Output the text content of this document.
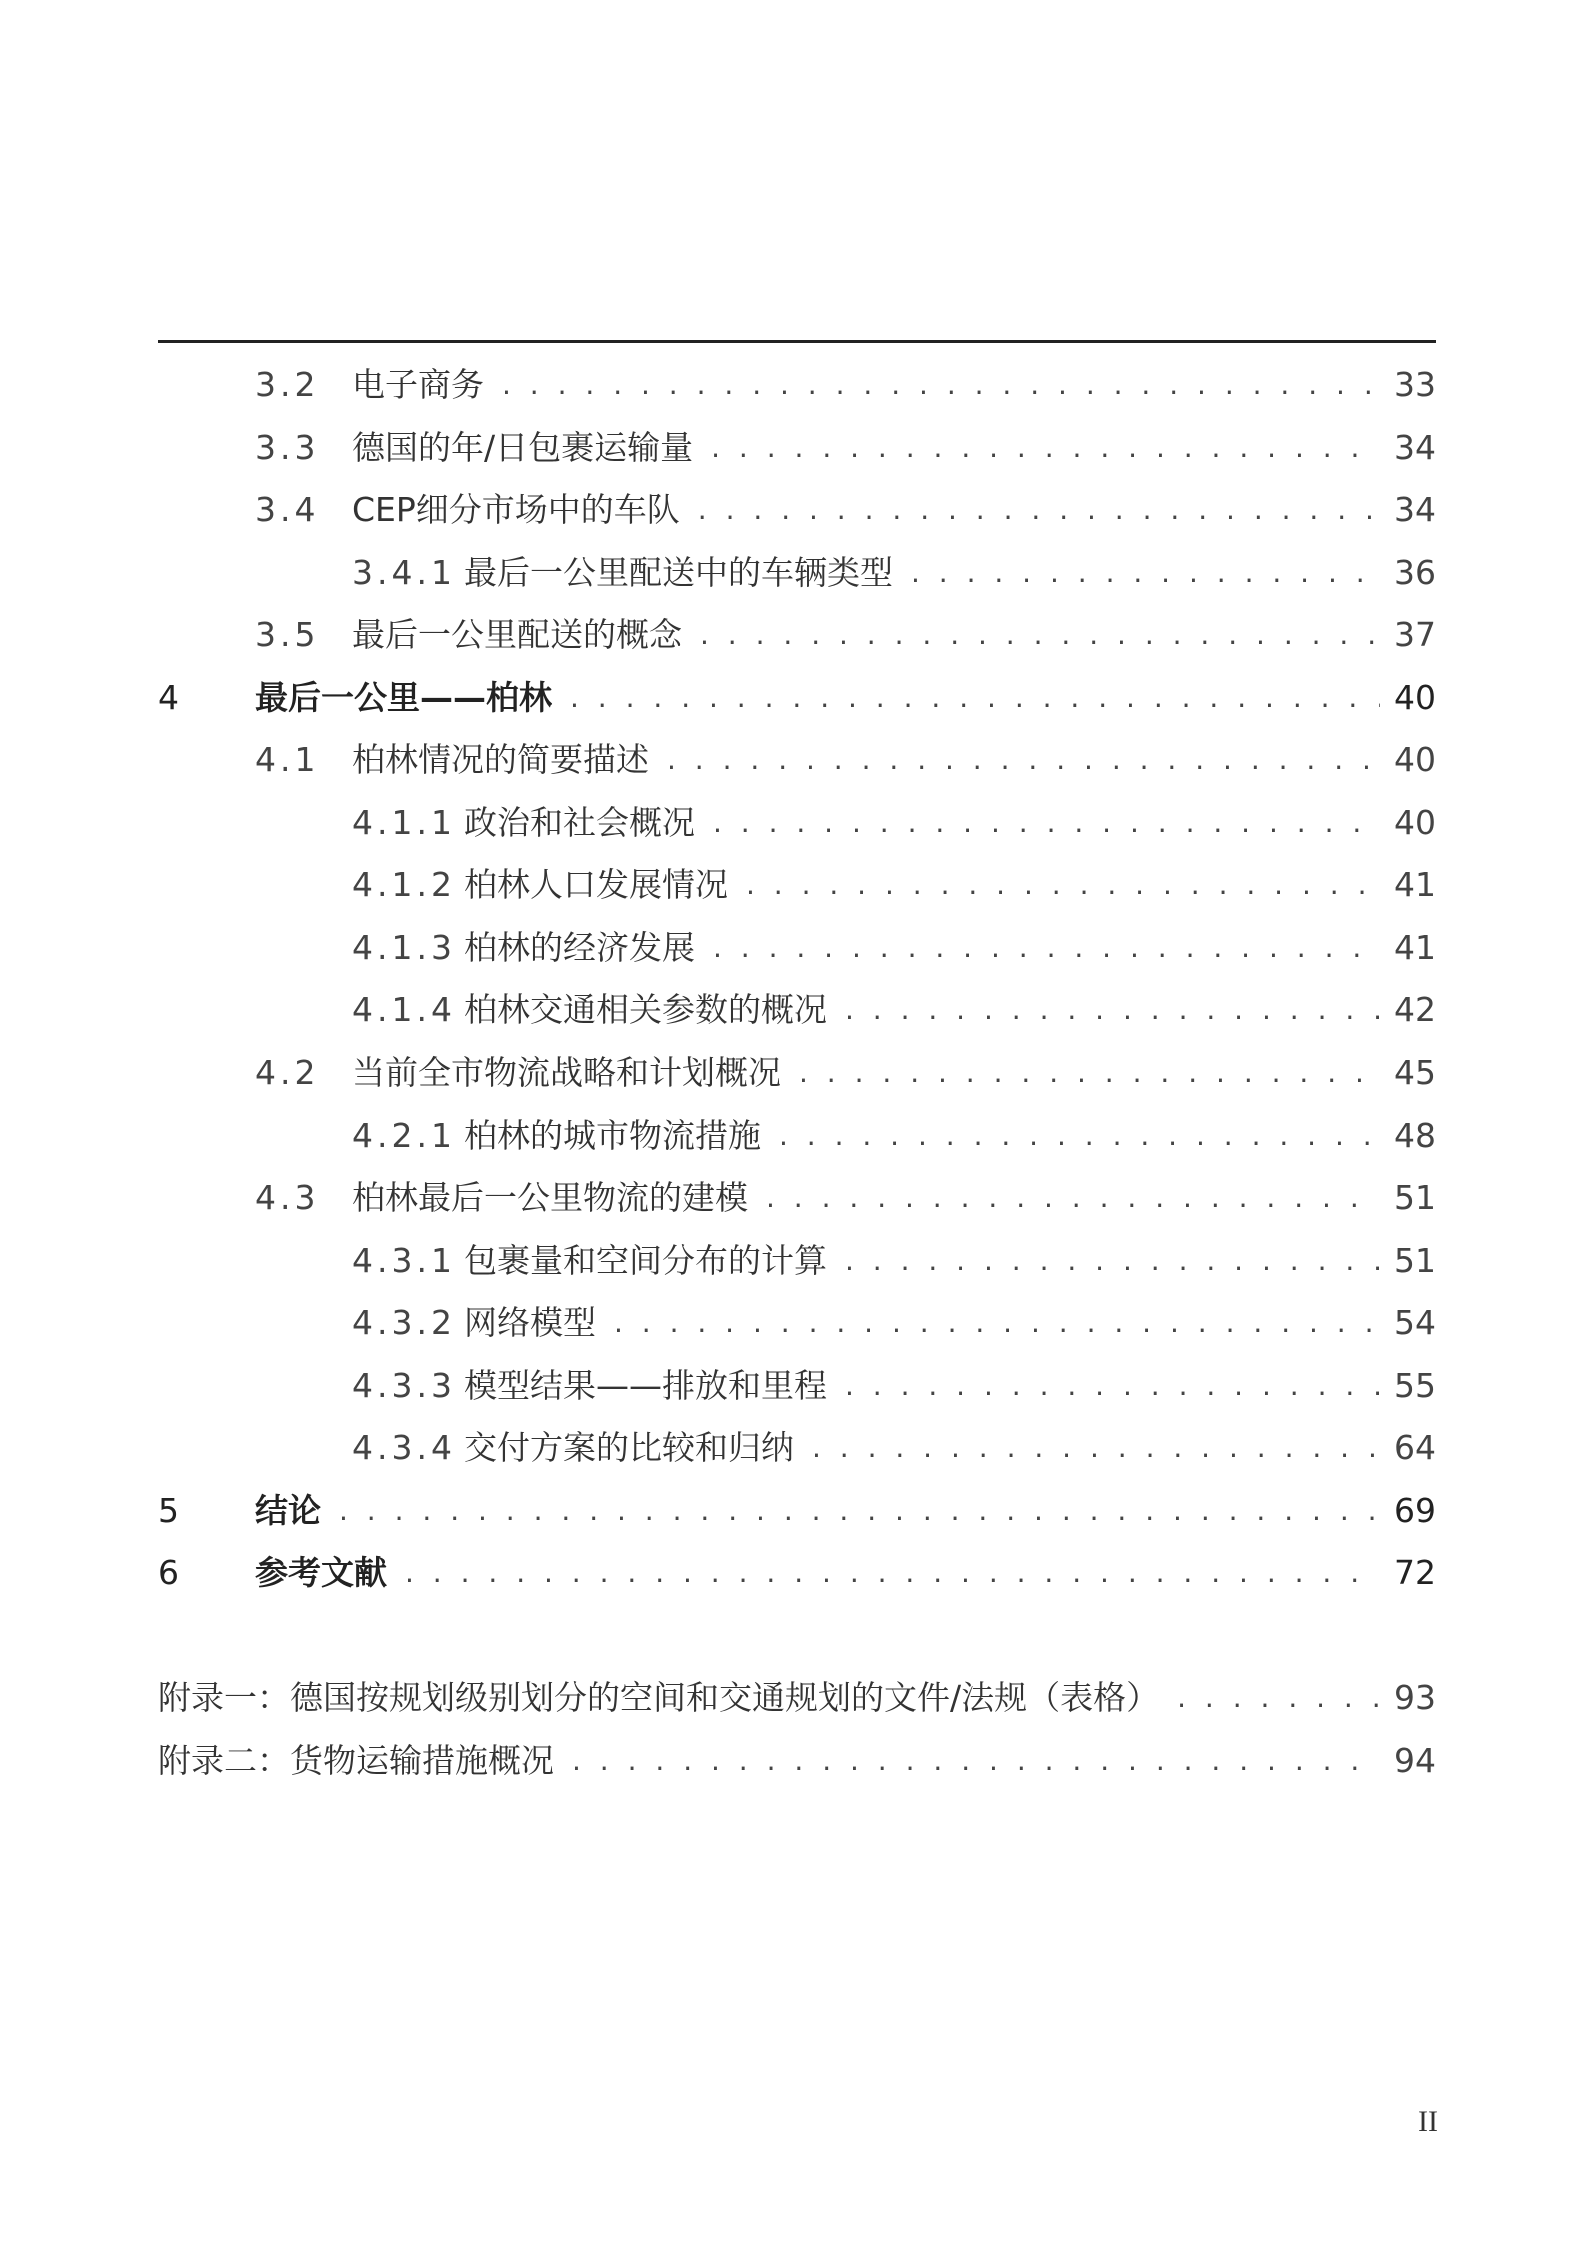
3.2 电子商务 . . .	33
3.3 德国的年/日包裹运输量 . . .	34
3.4 CEP细分市场中的车队 . . .	34
3.4.1 最后一公里配送中的车辆类型 . . .	36
3.5 最后一公里配送的概念 . . .	37
4	最后一公里——柏林 . . .	40
4.1 柏林情况的简要描述 . . .	40
4.1.1 政治和社会概况 . . .	40
4.1.2 柏林人口发展情况 . . .	41
4.1.3 柏林的经济发展 . . .	41
4.1.4 柏林交通相关参数的概况 . . .	42
4.2 当前全市物流战略和计划概况 . . .	45
4.2.1 柏林的城市物流措施 . . .	48
4.3 柏林最后一公里物流的建模 . . .	51
4.3.1 包裹量和空间分布的计算 . . .	51
4.3.2 网络模型 . . .	54
4.3.3 模型结果——排放和里程 . . .	55
4.3.4 交付方案的比较和归纳 . . .	64
5	结论 . . .	69
6	参考文献 . . .	72
附录一：德国按规划级别划分的空间和交通规划的文件/法规（表格） . . .	93
附录二：货物运输措施概况 . . .	94
II
